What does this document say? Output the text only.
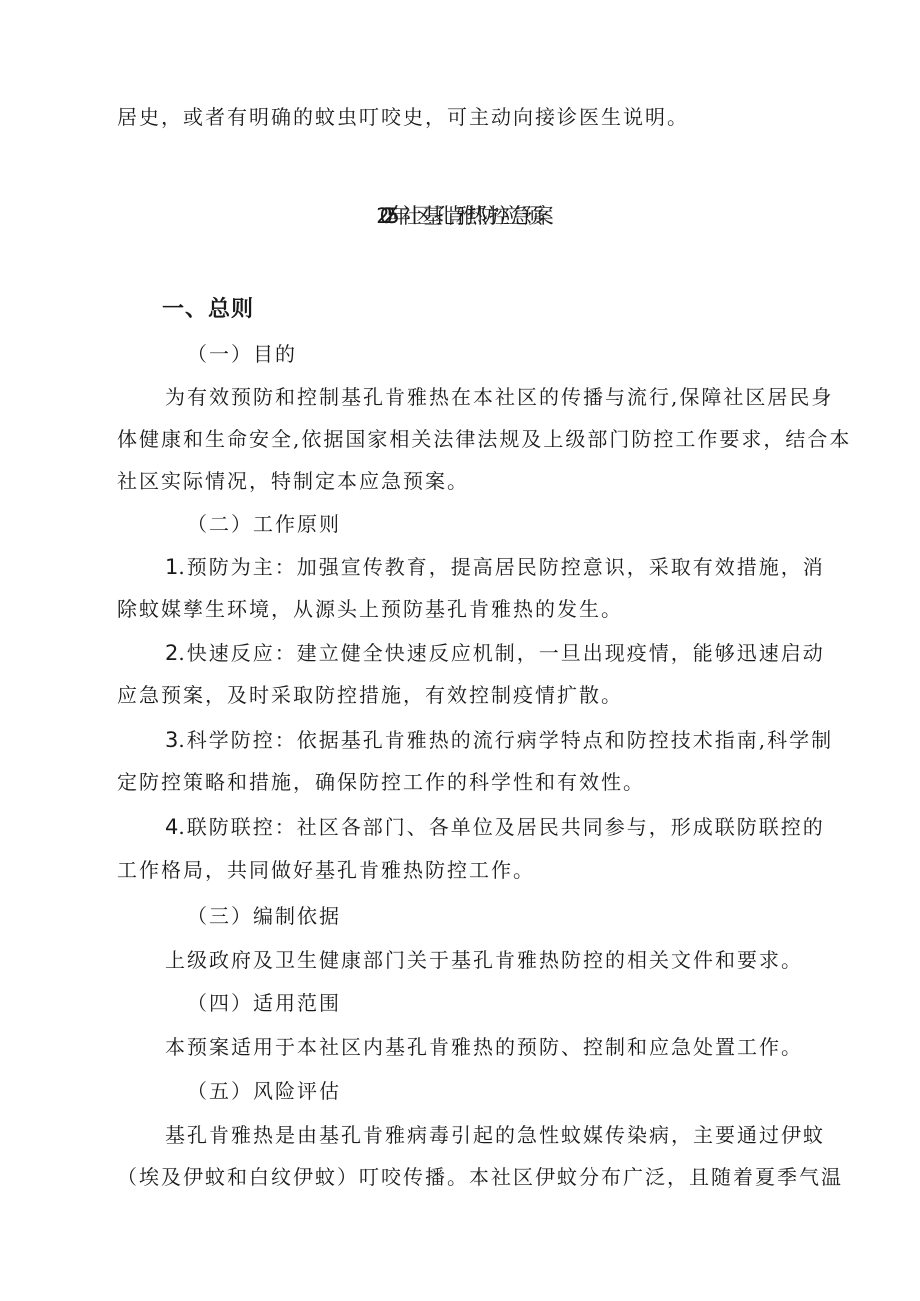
居史，或者有明确的蚊虫叮咬史，可主动向接诊医生说明。
2025年社区基孔肯雅热防控应急预案
一、总则
（一）目的
为有效预防和控制基孔肯雅热在本社区的传播与流行,保障社区居民身
体健康和生命安全,依据国家相关法律法规及上级部门防控工作要求，结合本
社区实际情况，特制定本应急预案。
（二）工作原则
1.预防为主：加强宣传教育，提高居民防控意识，采取有效措施，消
除蚊媒孳生环境，从源头上预防基孔肯雅热的发生。
2.快速反应：建立健全快速反应机制，一旦出现疫情，能够迅速启动
应急预案，及时采取防控措施，有效控制疫情扩散。
3.科学防控：依据基孔肯雅热的流行病学特点和防控技术指南,科学制
定防控策略和措施，确保防控工作的科学性和有效性。
4.联防联控：社区各部门、各单位及居民共同参与，形成联防联控的
工作格局，共同做好基孔肯雅热防控工作。
（三）编制依据
上级政府及卫生健康部门关于基孔肯雅热防控的相关文件和要求。
（四）适用范围
本预案适用于本社区内基孔肯雅热的预防、控制和应急处置工作。
（五）风险评估
基孔肯雅热是由基孔肯雅病毒引起的急性蚊媒传染病，主要通过伊蚊
（埃及伊蚊和白纹伊蚊）叮咬传播。本社区伊蚊分布广泛，且随着夏季气温
